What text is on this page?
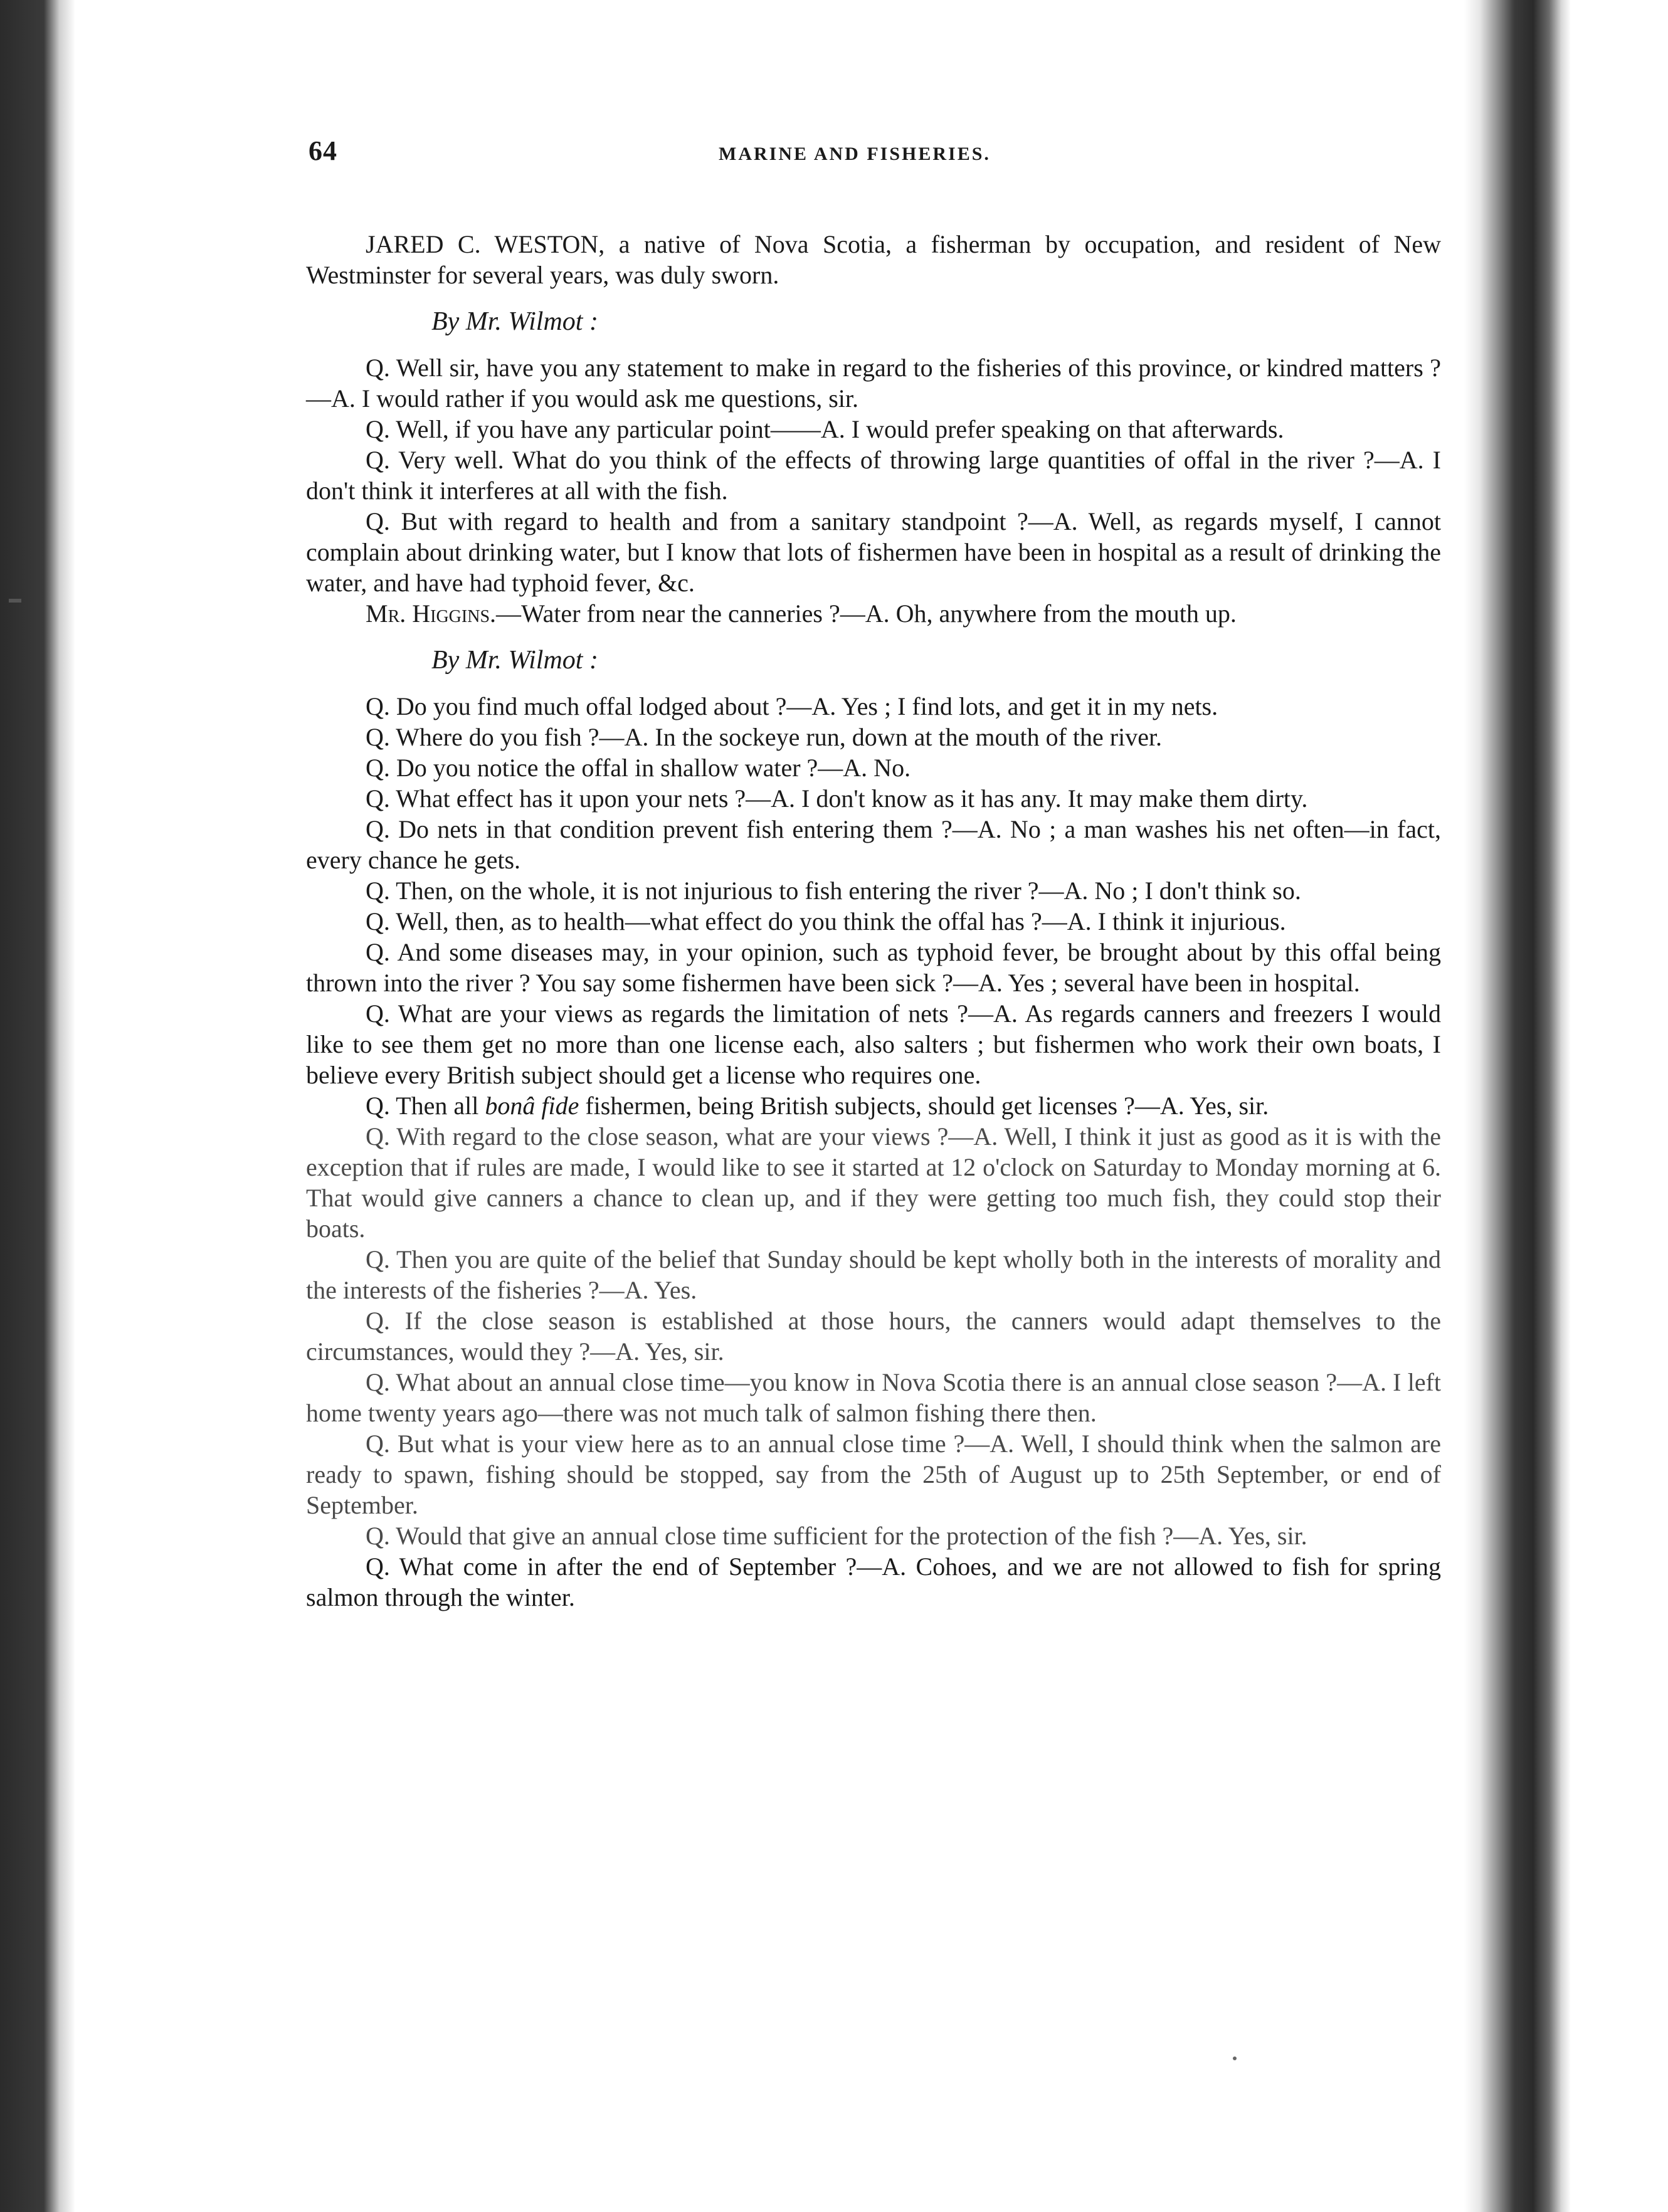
64	MARINE AND FISHERIES.

JARED C. WESTON, a native of Nova Scotia, a fisherman by occupation, and resident of New Westminster for several years, was duly sworn.

By Mr. Wilmot :

Q. Well sir, have you any statement to make in regard to the fisheries of this province, or kindred matters ?—A. I would rather if you would ask me questions, sir.

Q. Well, if you have any particular point——A. I would prefer speaking on that afterwards.

Q. Very well. What do you think of the effects of throwing large quantities of offal in the river ?—A. I don't think it interferes at all with the fish.

Q. But with regard to health and from a sanitary standpoint ?—A. Well, as regards myself, I cannot complain about drinking water, but I know that lots of fishermen have been in hospital as a result of drinking the water, and have had typhoid fever, &c.

Mr. Higgins.—Water from near the canneries ?—A. Oh, anywhere from the mouth up.

By Mr. Wilmot :

Q. Do you find much offal lodged about ?—A. Yes ; I find lots, and get it in my nets.

Q. Where do you fish ?—A. In the sockeye run, down at the mouth of the river.

Q. Do you notice the offal in shallow water ?—A. No.

Q. What effect has it upon your nets ?—A. I don't know as it has any. It may make them dirty.

Q. Do nets in that condition prevent fish entering them ?—A. No ; a man washes his net often—in fact, every chance he gets.

Q. Then, on the whole, it is not injurious to fish entering the river ?—A. No ; I don't think so.

Q. Well, then, as to health—what effect do you think the offal has ?—A. I think it injurious.

Q. And some diseases may, in your opinion, such as typhoid fever, be brought about by this offal being thrown into the river ? You say some fishermen have been sick ?—A. Yes ; several have been in hospital.

Q. What are your views as regards the limitation of nets ?—A. As regards canners and freezers I would like to see them get no more than one license each, also salters ; but fishermen who work their own boats, I believe every British subject should get a license who requires one.

Q. Then all bonâ fide fishermen, being British subjects, should get licenses ?—A. Yes, sir.

Q. With regard to the close season, what are your views ?—A. Well, I think it just as good as it is with the exception that if rules are made, I would like to see it started at 12 o'clock on Saturday to Monday morning at 6. That would give canners a chance to clean up, and if they were getting too much fish, they could stop their boats.

Q. Then you are quite of the belief that Sunday should be kept wholly both in the interests of morality and the interests of the fisheries ?—A. Yes.

Q. If the close season is established at those hours, the canners would adapt themselves to the circumstances, would they ?—A. Yes, sir.

Q. What about an annual close time—you know in Nova Scotia there is an annual close season ?—A. I left home twenty years ago—there was not much talk of salmon fishing there then.

Q. But what is your view here as to an annual close time ?—A. Well, I should think when the salmon are ready to spawn, fishing should be stopped, say from the 25th of August up to 25th September, or end of September.

Q. Would that give an annual close time sufficient for the protection of the fish ?—A. Yes, sir.

Q. What come in after the end of September ?—A. Cohoes, and we are not allowed to fish for spring salmon through the winter.
